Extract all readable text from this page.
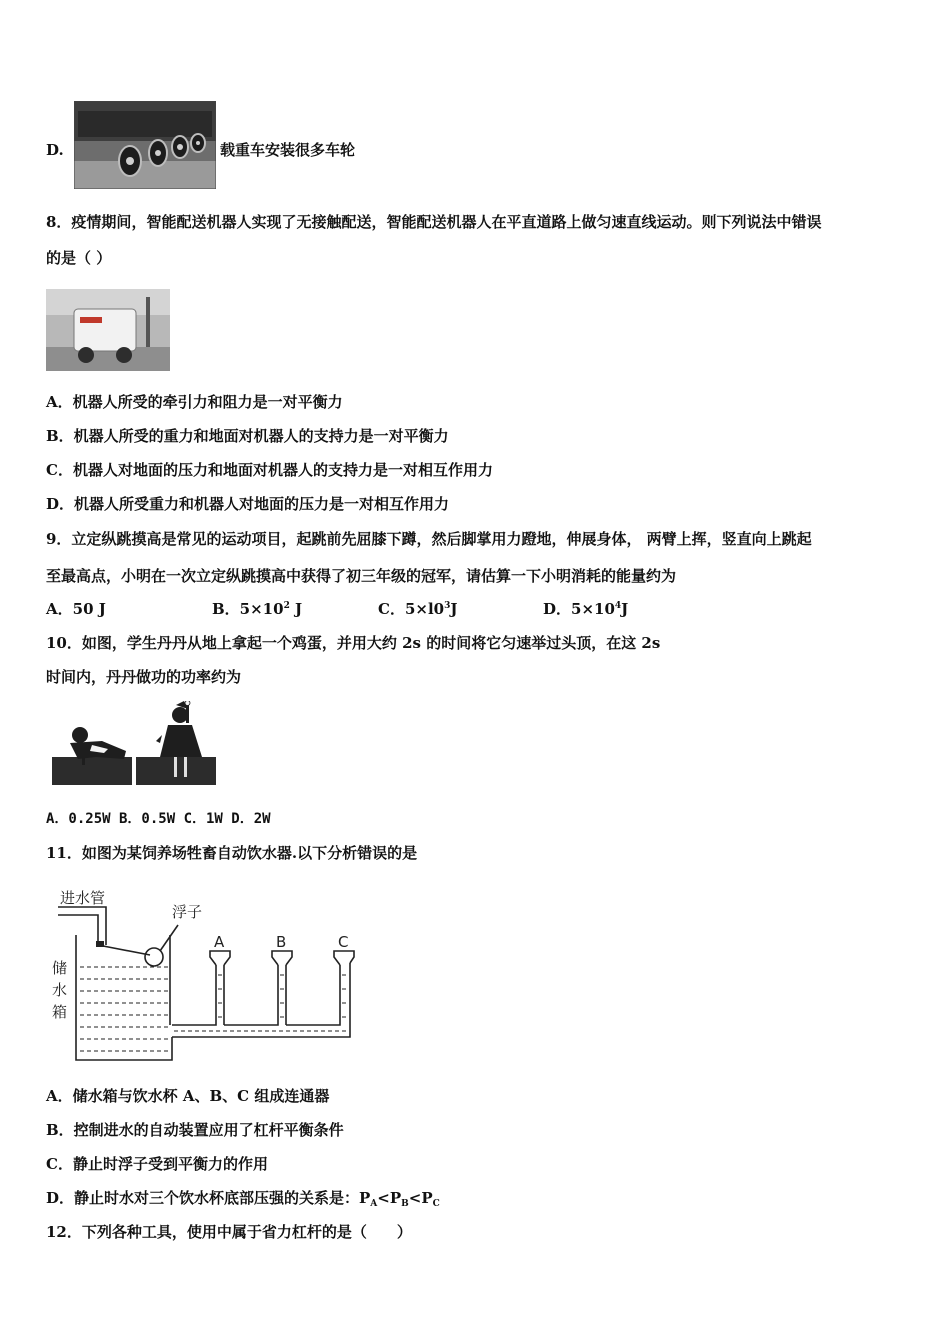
D.	载重车安装很多车轮
8．疫情期间，智能配送机器人实现了无接触配送，智能配送机器人在平直道路上做匀速直线运动。则下列说法中错误
的是（ ）
A．机器人所受的牵引力和阻力是一对平衡力
B．机器人所受的重力和地面对机器人的支持力是一对平衡力
C．机器人对地面的压力和地面对机器人的支持力是一对相互作用力
D．机器人所受重力和机器人对地面的压力是一对相互作用力
9．立定纵跳摸高是常见的运动项目，起跳前先屈膝下蹲，然后脚掌用力蹬地，伸展身体， 两臂上挥，竖直向上跳起
至最高点，小明在一次立定纵跳摸高中获得了初三年级的冠军，请估算一下小明消耗的能量约为
A．50 J	B．$5\times 10^2$ J	C．$5\times l0^3J$	D．$5\times 10^4J$
10．如图，学生丹丹从地上拿起一个鸡蛋，并用大约 2s 的时间将它匀速举过头顶，在这 2s
时间内，丹丹做功的功率约为
A．0.25W B．0.5W C．1W D．2W
11．如图为某饲养场牲畜自动饮水器.以下分析错误的是
进水管
浮子
储
水
箱
A	B	C
A．储水箱与饮水杯 A、B、C 组成连通器
B．控制进水的自动装置应用了杠杆平衡条件
C．静止时浮子受到平衡力的作用
D．静止时水对三个饮水杯底部压强的关系是：$P_A<P_B<P_C$
12．下列各种工具，使用中属于省力杠杆的是（　　）
